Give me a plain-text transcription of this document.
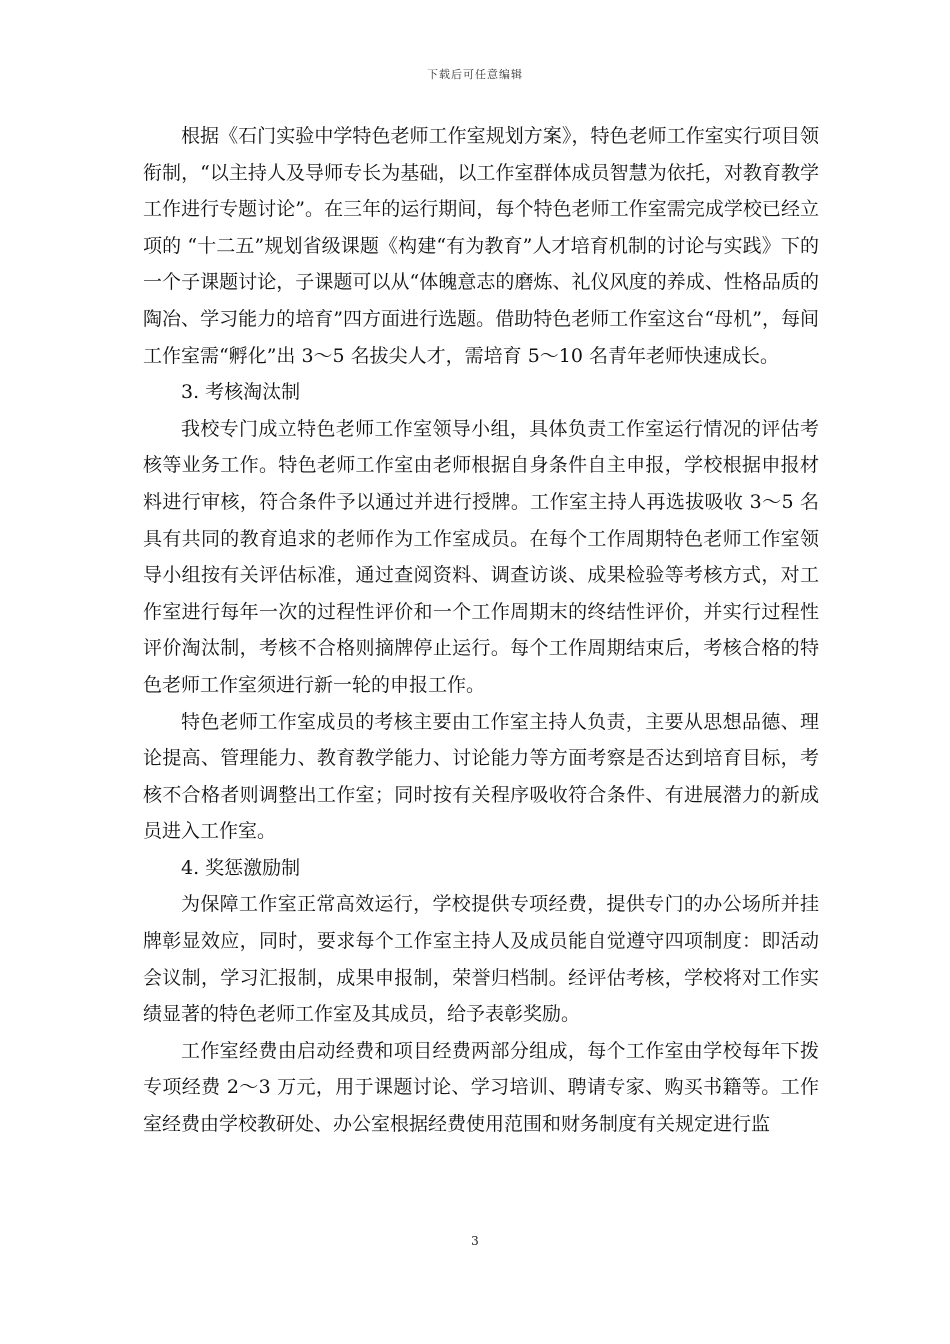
下载后可任意编辑

根据《石门实验中学特色老师工作室规划方案》，特色老师工作室实行项目领衔制，“以主持人及导师专长为基础，以工作室群体成员智慧为依托，对教育教学工作进行专题讨论”。在三年的运行期间，每个特色老师工作室需完成学校已经立项的 “十二五”规划省级课题《构建“有为教育”人才培育机制的讨论与实践》下的一个子课题讨论，子课题可以从“体魄意志的磨炼、礼仪风度的养成、性格品质的陶冶、学习能力的培育”四方面进行选题。借助特色老师工作室这台“母机”，每间工作室需“孵化”出 3～5 名拔尖人才，需培育 5～10 名青年老师快速成长。

3. 考核淘汰制

我校专门成立特色老师工作室领导小组，具体负责工作室运行情况的评估考核等业务工作。特色老师工作室由老师根据自身条件自主申报，学校根据申报材料进行审核，符合条件予以通过并进行授牌。工作室主持人再选拔吸收 3～5 名具有共同的教育追求的老师作为工作室成员。在每个工作周期特色老师工作室领导小组按有关评估标准，通过查阅资料、调查访谈、成果检验等考核方式，对工作室进行每年一次的过程性评价和一个工作周期末的终结性评价，并实行过程性评价淘汰制，考核不合格则摘牌停止运行。每个工作周期结束后，考核合格的特色老师工作室须进行新一轮的申报工作。

特色老师工作室成员的考核主要由工作室主持人负责，主要从思想品德、理论提高、管理能力、教育教学能力、讨论能力等方面考察是否达到培育目标，考核不合格者则调整出工作室；同时按有关程序吸收符合条件、有进展潜力的新成员进入工作室。

4. 奖惩激励制

为保障工作室正常高效运行，学校提供专项经费，提供专门的办公场所并挂牌彰显效应，同时，要求每个工作室主持人及成员能自觉遵守四项制度：即活动会议制，学习汇报制，成果申报制，荣誉归档制。经评估考核，学校将对工作实绩显著的特色老师工作室及其成员，给予表彰奖励。

工作室经费由启动经费和项目经费两部分组成，每个工作室由学校每年下拨专项经费 2～3 万元，用于课题讨论、学习培训、聘请专家、购买书籍等。工作室经费由学校教研处、办公室根据经费使用范围和财务制度有关规定进行监

3
